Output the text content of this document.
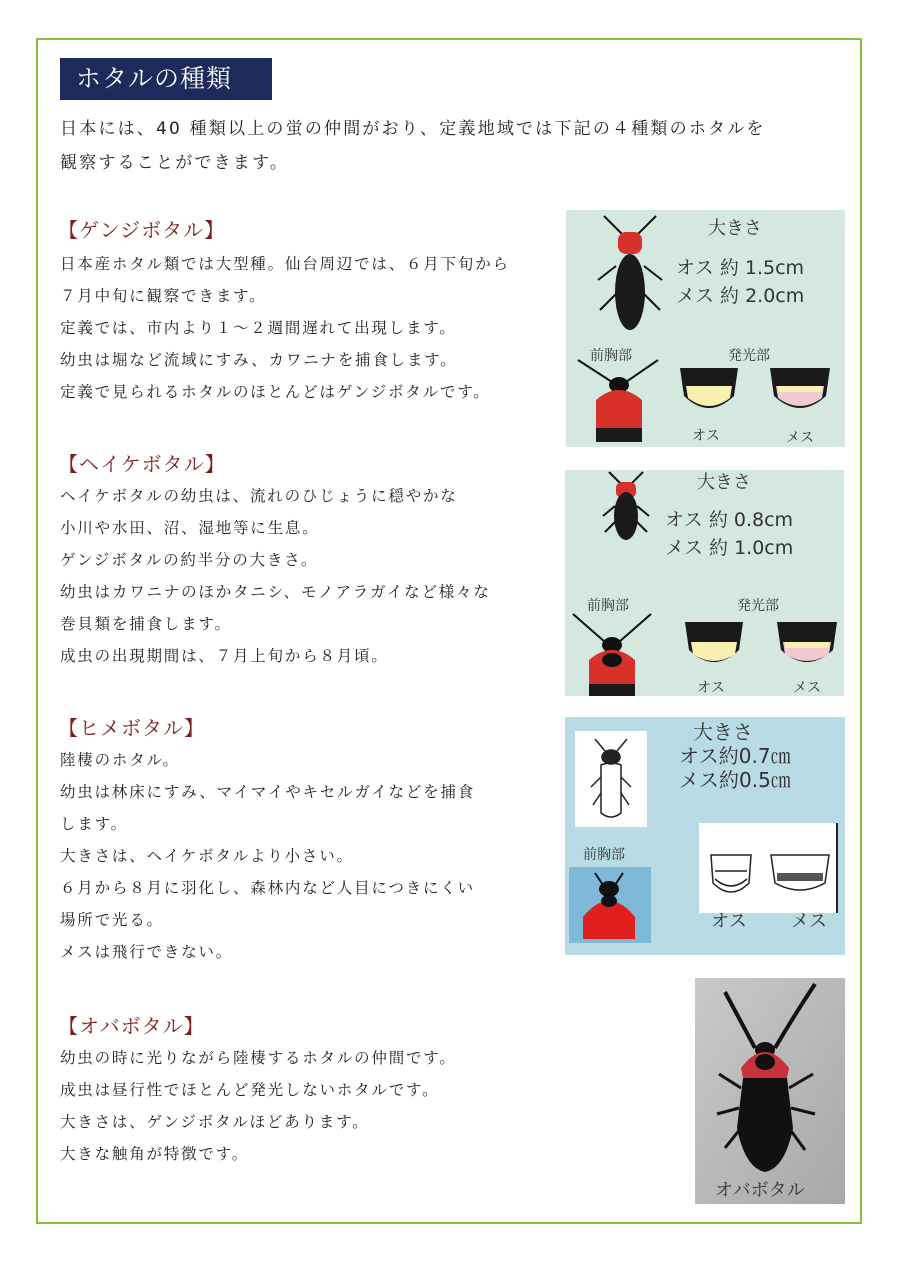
ホタルの種類
日本には、40 種類以上の蛍の仲間がおり、定義地域では下記の４種類のホタルを
観察することができます。
【ゲンジボタル】
日本産ホタル類では大型種。仙台周辺では、６月下旬から
７月中旬に観察できます。
定義では、市内より１～２週間遅れて出現します。
幼虫は堀など流域にすみ、カワニナを捕食します。
定義で見られるホタルのほとんどはゲンジボタルです。
大きさ
オス 約 1.5cm
メス 約 2.0cm
前胸部	発光部
オス	メス
【ヘイケボタル】
ヘイケボタルの幼虫は、流れのひじょうに穏やかな
小川や水田、沼、湿地等に生息。
ゲンジボタルの約半分の大きさ。
幼虫はカワニナのほかタニシ、モノアラガイなど様々な
巻貝類を捕食します。
成虫の出現期間は、７月上旬から８月頃。
大きさ
オス 約 0.8cm
メス 約 1.0cm
前胸部	発光部
オス	メス
【ヒメボタル】
陸棲のホタル。
幼虫は林床にすみ、マイマイやキセルガイなどを捕食
します。
大きさは、ヘイケボタルより小さい。
６月から８月に羽化し、森林内など人目につきにくい
場所で光る。
メスは飛行できない。
大きさ
オス約0.7㎝
メス約0.5㎝
前胸部
オス メス
【オバボタル】
幼虫の時に光りながら陸棲するホタルの仲間です。
成虫は昼行性でほとんど発光しないホタルです。
大きさは、ゲンジボタルほどあります。
大きな触角が特徴です。
オバボタル
